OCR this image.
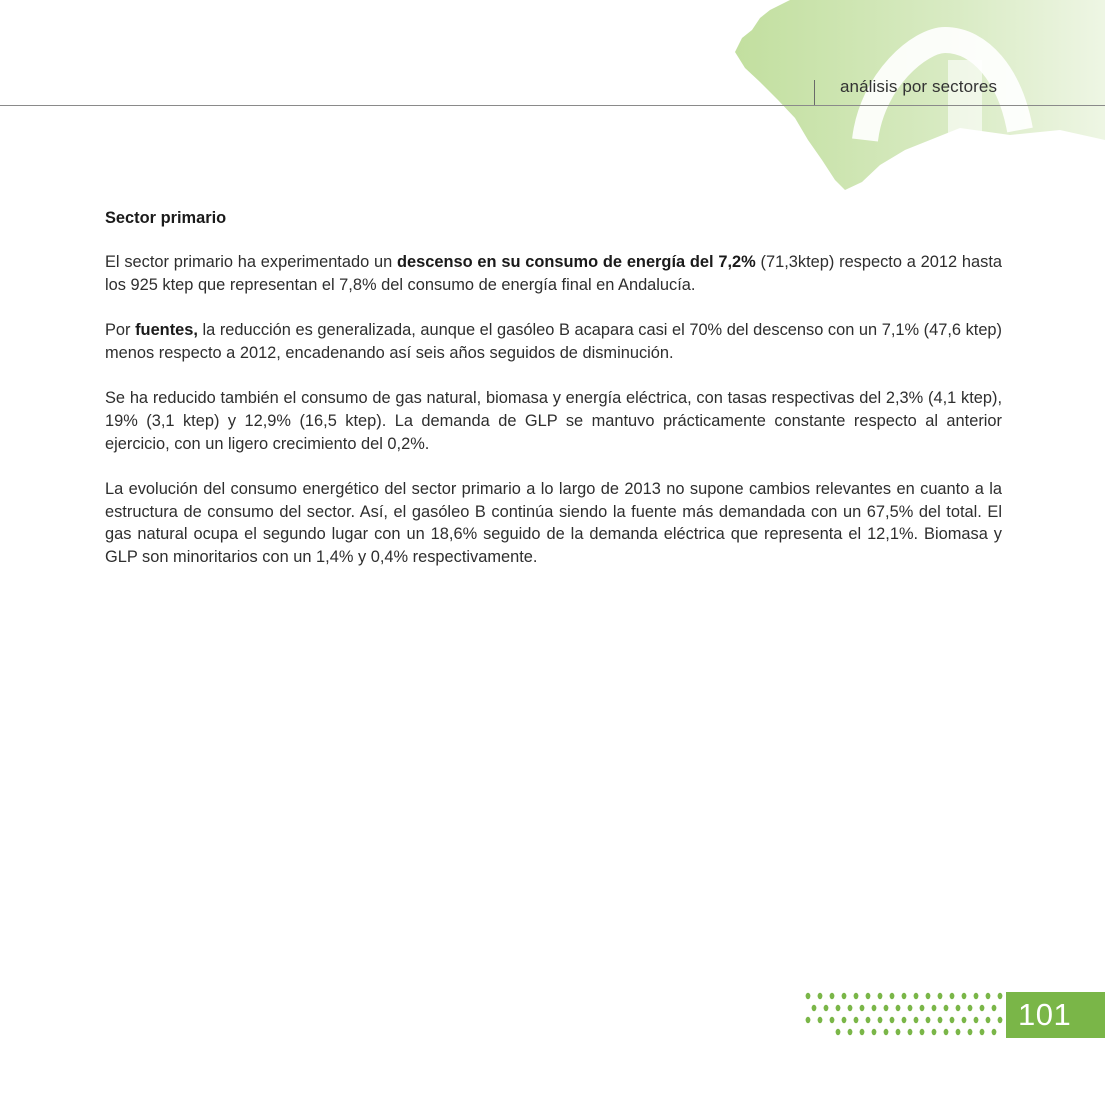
análisis por sectores
Sector primario

El sector primario ha experimentado un descenso en su consumo de energía del 7,2% (71,3ktep) respecto a 2012 hasta los 925 ktep que representan el 7,8% del consumo de energía final en Andalucía.

Por fuentes, la reducción es generalizada, aunque el gasóleo B acapara casi el 70% del descenso con un 7,1% (47,6 ktep) menos respecto a 2012, encadenando así seis años seguidos de disminución.

Se ha reducido también el consumo de gas natural, biomasa y energía eléctrica, con tasas respectivas del 2,3% (4,1 ktep), 19% (3,1 ktep) y 12,9% (16,5 ktep). La demanda de GLP se mantuvo prácticamente constante respecto al anterior ejercicio, con un ligero crecimiento del 0,2%.

La evolución del consumo energético del sector primario a lo largo de 2013 no supone cambios relevantes en cuanto a la estructura de consumo del sector. Así, el gasóleo B continúa siendo la fuente más demandada con un 67,5% del total. El gas natural ocupa el segundo lugar con un 18,6% seguido de la demanda eléctrica que representa el 12,1%. Biomasa y GLP son minoritarios con un 1,4% y 0,4% respectivamente.

101
